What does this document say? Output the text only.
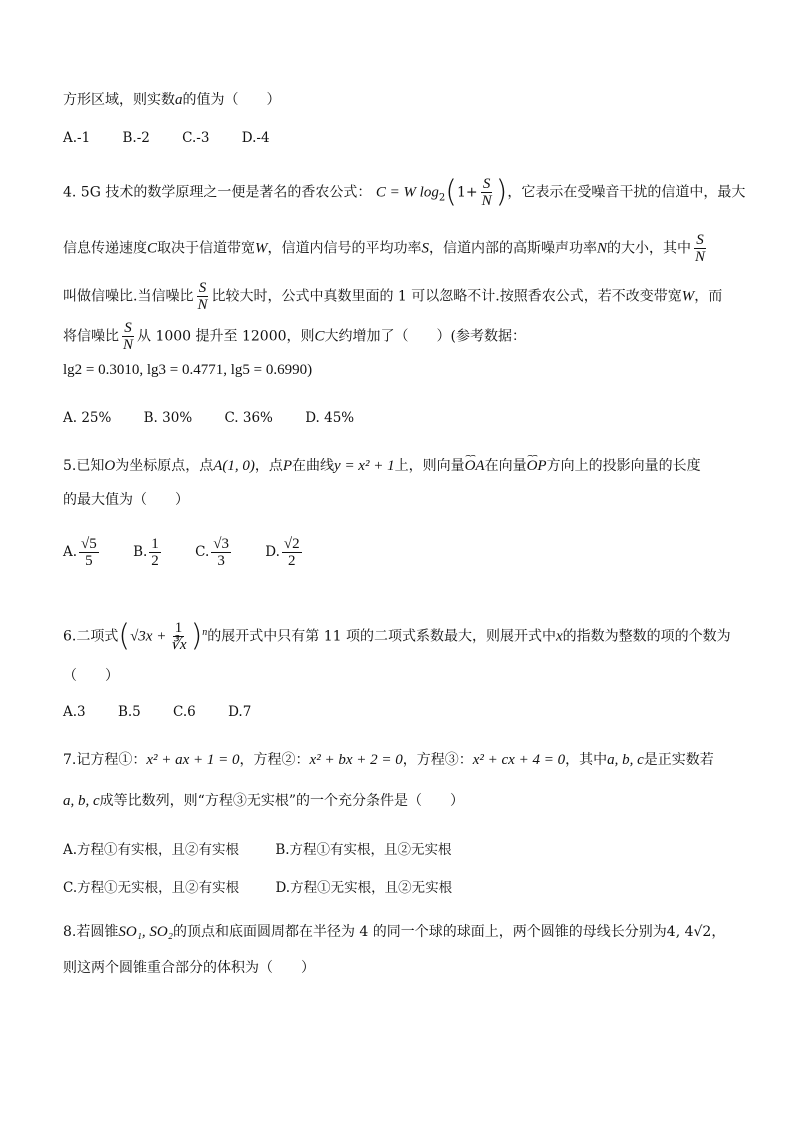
方形区域，则实数a的值为（　　）
A.-1 B.-2 C.-3 D.-4
4. 5G 技术的数学原理之一便是著名的香农公式： C = W $\log_2(1+ \frac{S}{N}$ )，它表示在受噪音干扰的信道中，最大
信息传递速度C取决于信道带宽W，信道内信号的平均功率S，信道内部的高斯噪声功率N的大小，其中 $\frac{S}{N}$
叫做信噪比.当信噪比 $\frac{S}{N}$ 比较大时，公式中真数里面的 1 可以忽略不计.按照香农公式，若不改变带宽W，而
将信噪比 $\frac{S}{N}$ 从 1000 提升至 12000，则C大约增加了（　　）(参考数据：
lg2 = 0.3010, lg3 = 0.4771, lg5 = 0.6990)
A. 25% B. 30% C. 36% D. 45%
5.已知O为坐标原点，点A(1, 0)，点P在曲线y = x² + 1上，则向量⌢⌢ OA在向量⌢⌢ OP方向上的投影向量的长度
的最大值为（　　）
A. $\frac{√5}{5}$	B. $\frac{1}{2}$	C. $\frac{√3}{3}$	D. $\frac{√2}{2}$
6.二项式$(√3x + \frac{1}{∛x} )^n$的展开式中只有第 11 项的二项式系数最大，则展开式中x的指数为整数的项的个数为
（　　）
A.3 B.5 C.6 D.7
7.记方程①：x² + ax + 1 = 0，方程②：x² + bx + 2 = 0，方程③：x² + cx + 4 = 0，其中a, b, c是正实数若
a, b, c成等比数列，则“方程③无实根”的一个充分条件是（　　）
A.方程①有实根，且②有实根	B.方程①有实根，且②无实根
C.方程①无实根，且②有实根	D.方程①无实根，且②无实根
8.若圆锥SO₁, SO₂的顶点和底面圆周都在半径为 4 的同一个球的球面上，两个圆锥的母线长分别为4, 4√2，
则这两个圆锥重合部分的体积为（　　）
